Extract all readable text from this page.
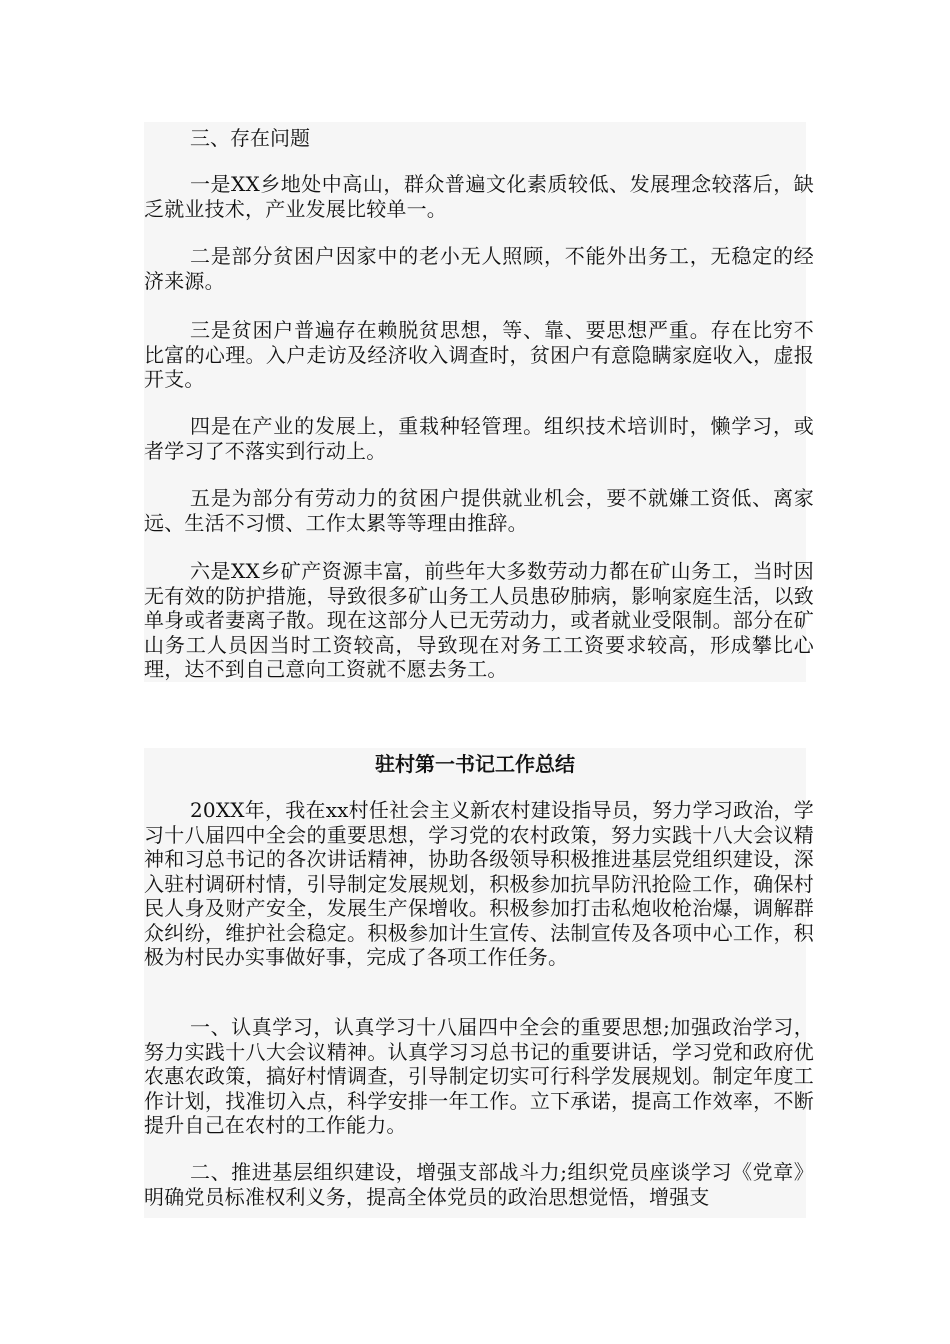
三、存在问题

一是XX乡地处中高山，群众普遍文化素质较低、发展理念较落后，缺乏就业技术，产业发展比较单一。

二是部分贫困户因家中的老小无人照顾，不能外出务工，无稳定的经济来源。

三是贫困户普遍存在赖脱贫思想，等、靠、要思想严重。存在比穷不比富的心理。入户走访及经济收入调查时，贫困户有意隐瞒家庭收入，虚报开支。

四是在产业的发展上，重栽种轻管理。组织技术培训时，懒学习，或者学习了不落实到行动上。

五是为部分有劳动力的贫困户提供就业机会，要不就嫌工资低、离家远、生活不习惯、工作太累等等理由推辞。

六是XX乡矿产资源丰富，前些年大多数劳动力都在矿山务工，当时因无有效的防护措施，导致很多矿山务工人员患矽肺病，影响家庭生活，以致单身或者妻离子散。现在这部分人已无劳动力，或者就业受限制。部分在矿山务工人员因当时工资较高，导致现在对务工工资要求较高，形成攀比心理，达不到自己意向工资就不愿去务工。

驻村第一书记工作总结

20XX年，我在xx村任社会主义新农村建设指导员，努力学习政治，学习十八届四中全会的重要思想，学习党的农村政策，努力实践十八大会议精神和习总书记的各次讲话精神，协助各级领导积极推进基层党组织建设，深入驻村调研村情，引导制定发展规划，积极参加抗旱防汛抢险工作，确保村民人身及财产安全，发展生产保增收。积极参加打击私炮收枪治爆，调解群众纠纷，维护社会稳定。积极参加计生宣传、法制宣传及各项中心工作，积极为村民办实事做好事，完成了各项工作任务。

一、认真学习，认真学习十八届四中全会的重要思想;加强政治学习，努力实践十八大会议精神。认真学习习总书记的重要讲话，学习党和政府优农惠农政策，搞好村情调查，引导制定切实可行科学发展规划。制定年度工作计划，找准切入点，科学安排一年工作。立下承诺，提高工作效率，不断提升自己在农村的工作能力。

二、推进基层组织建设，增强支部战斗力;组织党员座谈学习《党章》明确党员标准权利义务，提高全体党员的政治思想觉悟，增强支
